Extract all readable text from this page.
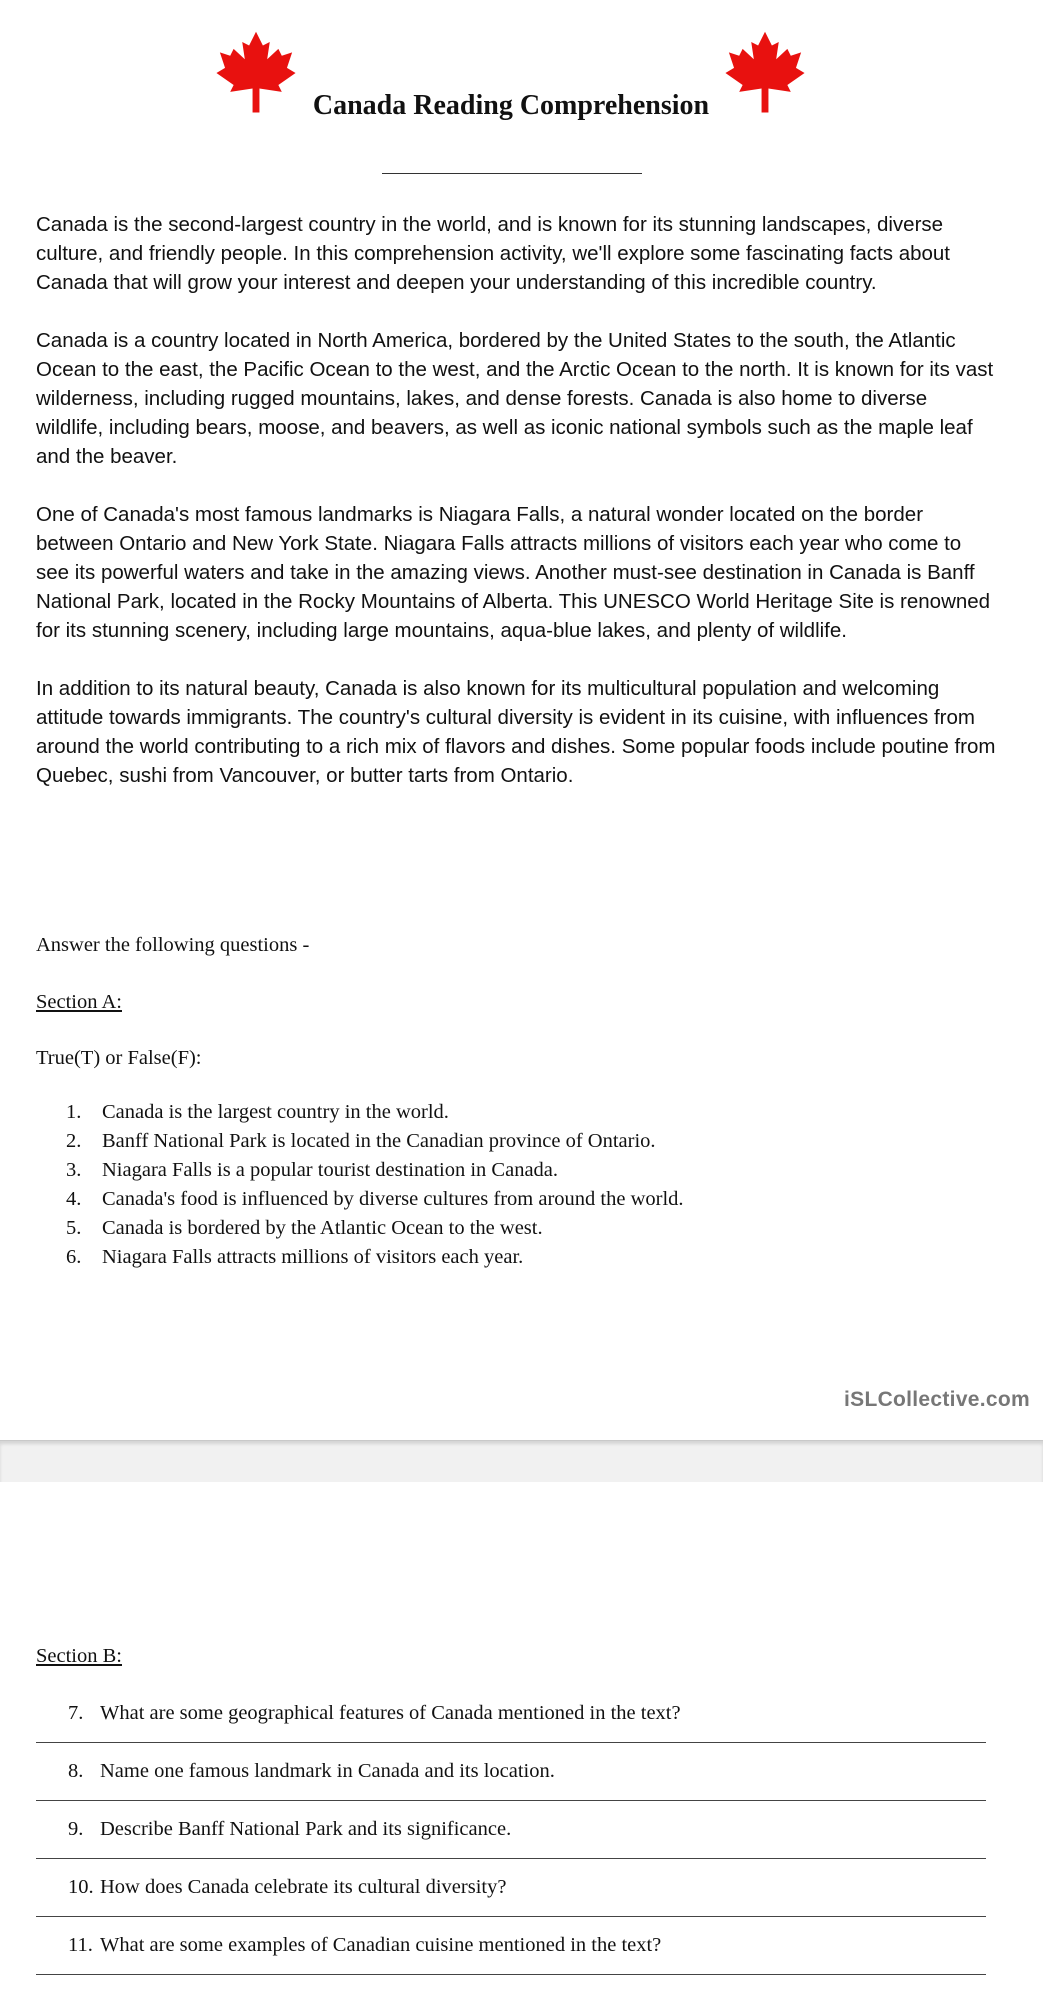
Canada Reading Comprehension

Canada is the second-largest country in the world, and is known for its stunning landscapes, diverse culture, and friendly people. In this comprehension activity, we'll explore some fascinating facts about Canada that will grow your interest and deepen your understanding of this incredible country.

Canada is a country located in North America, bordered by the United States to the south, the Atlantic Ocean to the east, the Pacific Ocean to the west, and the Arctic Ocean to the north. It is known for its vast wilderness, including rugged mountains, lakes, and dense forests. Canada is also home to diverse wildlife, including bears, moose, and beavers, as well as iconic national symbols such as the maple leaf and the beaver.

One of Canada's most famous landmarks is Niagara Falls, a natural wonder located on the border between Ontario and New York State. Niagara Falls attracts millions of visitors each year who come to see its powerful waters and take in the amazing views. Another must-see destination in Canada is Banff National Park, located in the Rocky Mountains of Alberta. This UNESCO World Heritage Site is renowned for its stunning scenery, including large mountains, aqua-blue lakes, and plenty of wildlife.

In addition to its natural beauty, Canada is also known for its multicultural population and welcoming attitude towards immigrants. The country's cultural diversity is evident in its cuisine, with influences from around the world contributing to a rich mix of flavors and dishes. Some popular foods include poutine from Quebec, sushi from Vancouver, or butter tarts from Ontario.

Answer the following questions -
Section A:
True(T) or False(F):
1.	Canada is the largest country in the world.
2.	Banff National Park is located in the Canadian province of Ontario.
3.	Niagara Falls is a popular tourist destination in Canada.
4.	Canada's food is influenced by diverse cultures from around the world.
5.	Canada is bordered by the Atlantic Ocean to the west.
6.	Niagara Falls attracts millions of visitors each year.
iSLCollective.com
Section B:
7. What are some geographical features of Canada mentioned in the text?
8. Name one famous landmark in Canada and its location.
9. Describe Banff National Park and its significance.
10. How does Canada celebrate its cultural diversity?
11. What are some examples of Canadian cuisine mentioned in the text?
